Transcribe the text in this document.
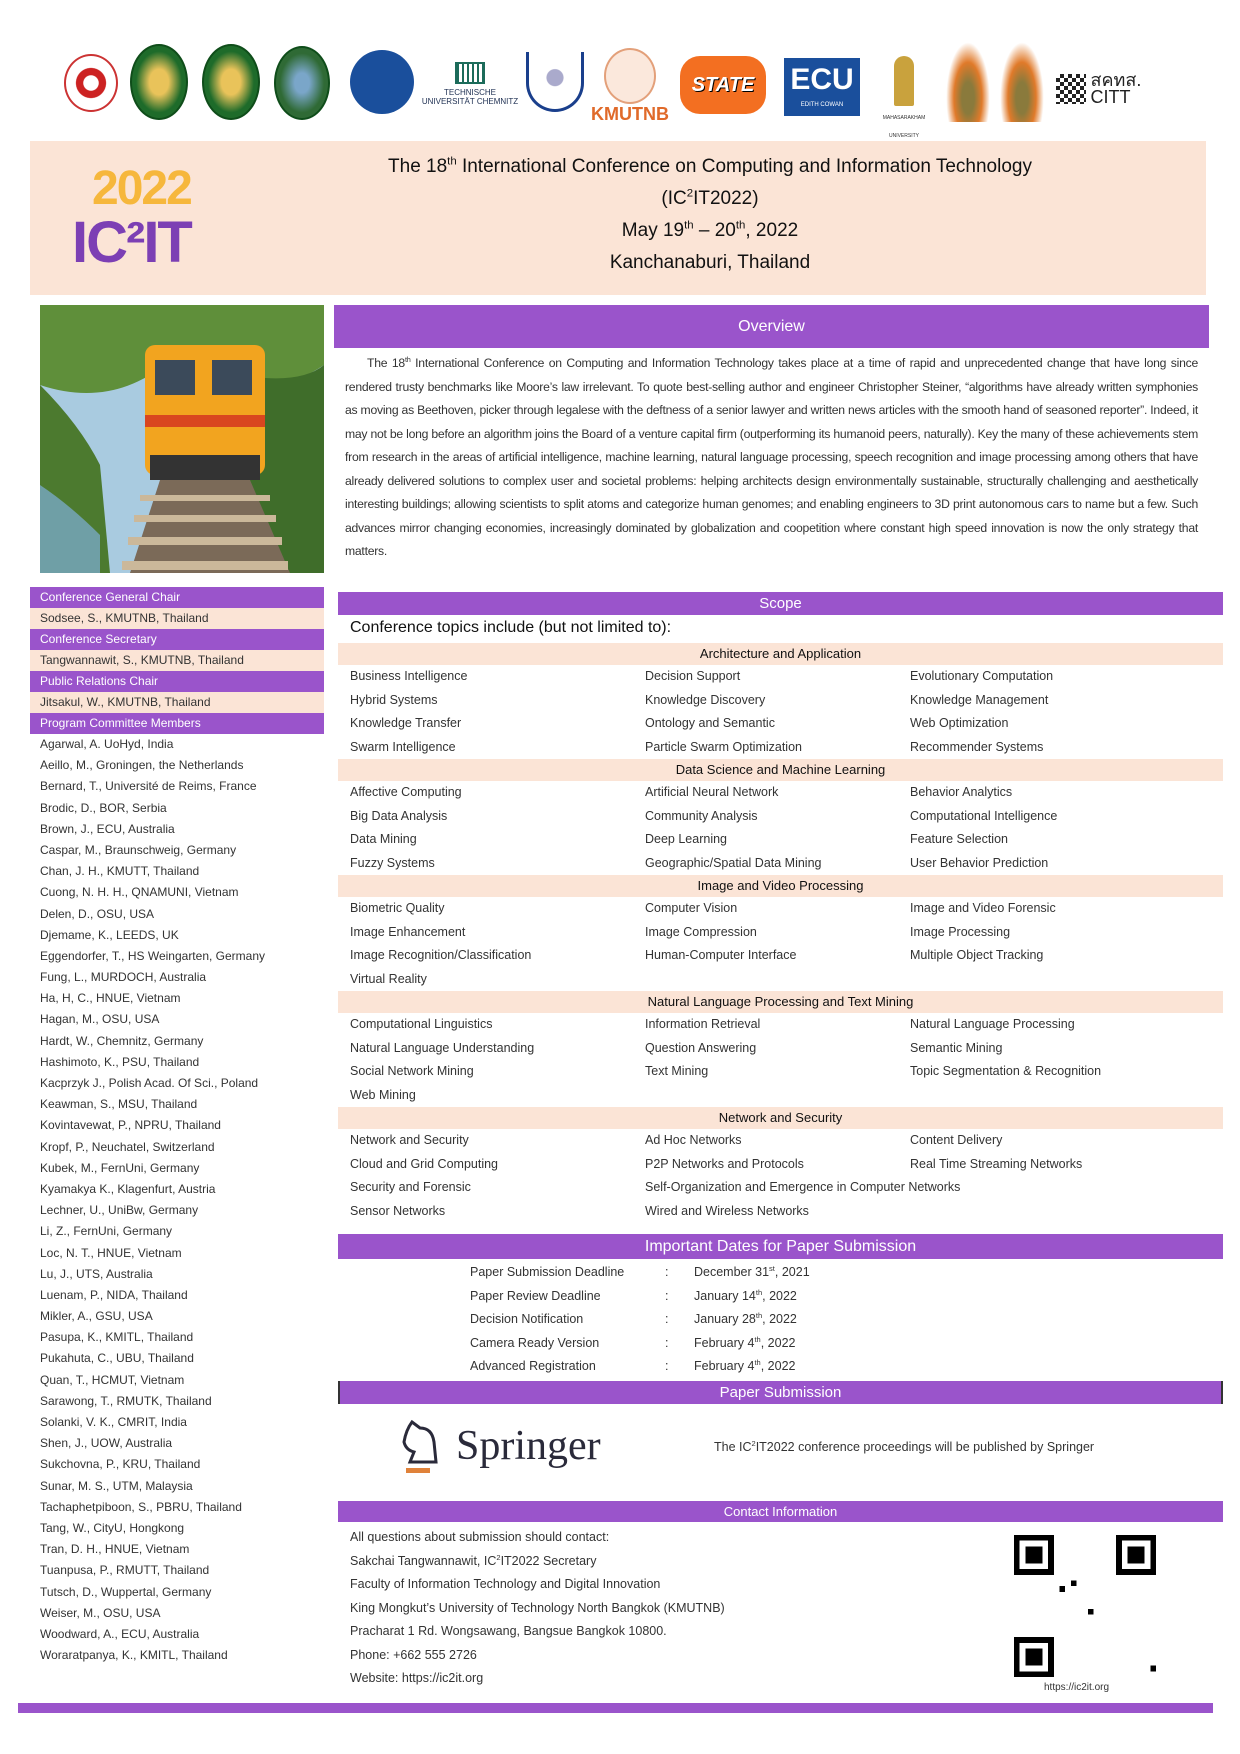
TECHNISCHE UNIVERSITÄT CHEMNITZ
KMUTNB
STATE	ECU
EDITH COWAN
MAHASARAKHAM UNIVERSITY
สคทส.
CITT
2022
IC²IT
The 18th International Conference on Computing and Information Technology
$(IC^2IT2022)$
May 19th – 20th, 2022
Kanchanaburi, Thailand
Conference General Chair
Sodsee, S., KMUTNB, Thailand
Conference Secretary
Tangwannawit, S., KMUTNB, Thailand
Public Relations Chair
Jitsakul, W., KMUTNB, Thailand
Program Committee Members
Agarwal, A. UoHyd, India
Aeillo, M., Groningen, the Netherlands
Bernard, T., Université de Reims, France
Brodic, D., BOR, Serbia
Brown, J., ECU, Australia
Caspar, M., Braunschweig, Germany
Chan, J. H., KMUTT, Thailand
Cuong, N. H. H., QNAMUNI, Vietnam
Delen, D., OSU, USA
Djemame, K., LEEDS, UK
Eggendorfer, T., HS Weingarten, Germany
Fung, L., MURDOCH, Australia
Ha, H, C., HNUE, Vietnam
Hagan, M., OSU, USA
Hardt, W., Chemnitz, Germany
Hashimoto, K., PSU, Thailand
Kacprzyk J., Polish Acad. Of Sci., Poland
Keawman, S., MSU, Thailand
Kovintavewat, P., NPRU, Thailand
Kropf, P., Neuchatel, Switzerland
Kubek, M., FernUni, Germany
Kyamakya K., Klagenfurt, Austria
Lechner, U., UniBw, Germany
Li, Z., FernUni, Germany
Loc, N. T., HNUE, Vietnam
Lu, J., UTS, Australia
Luenam, P., NIDA, Thailand
Mikler, A., GSU, USA
Pasupa, K., KMITL, Thailand
Pukahuta, C., UBU, Thailand
Quan, T., HCMUT, Vietnam
Sarawong, T., RMUTK, Thailand
Solanki, V. K., CMRIT, India
Shen, J., UOW, Australia
Sukchovna, P., KRU, Thailand
Sunar, M. S., UTM, Malaysia
Tachaphetpiboon, S., PBRU, Thailand
Tang, W., CityU, Hongkong
Tran, D. H., HNUE, Vietnam
Tuanpusa, P., RMUTT, Thailand
Tutsch, D., Wuppertal, Germany
Weiser, M., OSU, USA
Woodward, A., ECU, Australia
Woraratpanya, K., KMITL, Thailand
Overview
The 18th International Conference on Computing and Information Technology takes place at a time of rapid and unprecedented change that have long since rendered trusty benchmarks like Moore’s law irrelevant. To quote best-selling author and engineer Christopher Steiner, “algorithms have already written symphonies as moving as Beethoven, picker through legalese with the deftness of a senior lawyer and written news articles with the smooth hand of seasoned reporter”. Indeed, it may not be long before an algorithm joins the Board of a venture capital firm (outperforming its humanoid peers, naturally). Key the many of these achievements stem from research in the areas of artificial intelligence, machine learning, natural language processing, speech recognition and image processing among others that have already delivered solutions to complex user and societal problems: helping architects design environmentally sustainable, structurally challenging and aesthetically interesting buildings; allowing scientists to split atoms and categorize human genomes; and enabling engineers to 3D print autonomous cars to name but a few. Such advances mirror changing economies, increasingly dominated by globalization and coopetition where constant high speed innovation is now the only strategy that matters.
Scope
Conference topics include (but not limited to):
Architecture and Application
Business Intelligence	Decision Support	Evolutionary Computation
Hybrid Systems	Knowledge Discovery	Knowledge Management
Knowledge Transfer	Ontology and Semantic	Web Optimization
Swarm Intelligence	Particle Swarm Optimization	Recommender Systems
Data Science and Machine Learning
Affective Computing	Artificial Neural Network	Behavior Analytics
Big Data Analysis	Community Analysis	Computational Intelligence
Data Mining	Deep Learning	Feature Selection
Fuzzy Systems	Geographic/Spatial Data Mining	User Behavior Prediction
Image and Video Processing
Biometric Quality	Computer Vision	Image and Video Forensic
Image Enhancement	Image Compression	Image Processing
Image Recognition/Classification	Human-Computer Interface	Multiple Object Tracking
Virtual Reality
Natural Language Processing and Text Mining
Computational Linguistics	Information Retrieval	Natural Language Processing
Natural Language Understanding	Question Answering	Semantic Mining
Social Network Mining	Text Mining	Topic Segmentation & Recognition
Web Mining
Network and Security
Network and Security	Ad Hoc Networks	Content Delivery
Cloud and Grid Computing	P2P Networks and Protocols	Real Time Streaming Networks
Security and Forensic	Self-Organization and Emergence in Computer Networks
Sensor Networks	Wired and Wireless Networks
Important Dates for Paper Submission
Paper Submission Deadline	: December 31st, 2021
Paper Review Deadline	: January 14th, 2022
Decision Notification	: January 28th, 2022
Camera Ready Version	: February 4th, 2022
Advanced Registration	: February 4th, 2022
Paper Submission
Springer	The $IC^2IT2022$ conference proceedings will be published by Springer
Contact Information
All questions about submission should contact:
Sakchai Tangwannawit, $IC^2IT2022$ Secretary
Faculty of Information Technology and Digital Innovation
King Mongkut’s University of Technology North Bangkok (KMUTNB)
Pracharat 1 Rd. Wongsawang, Bangsue Bangkok 10800.
Phone: +662 555 2726
Website: https://ic2it.org
https://ic2it.org
